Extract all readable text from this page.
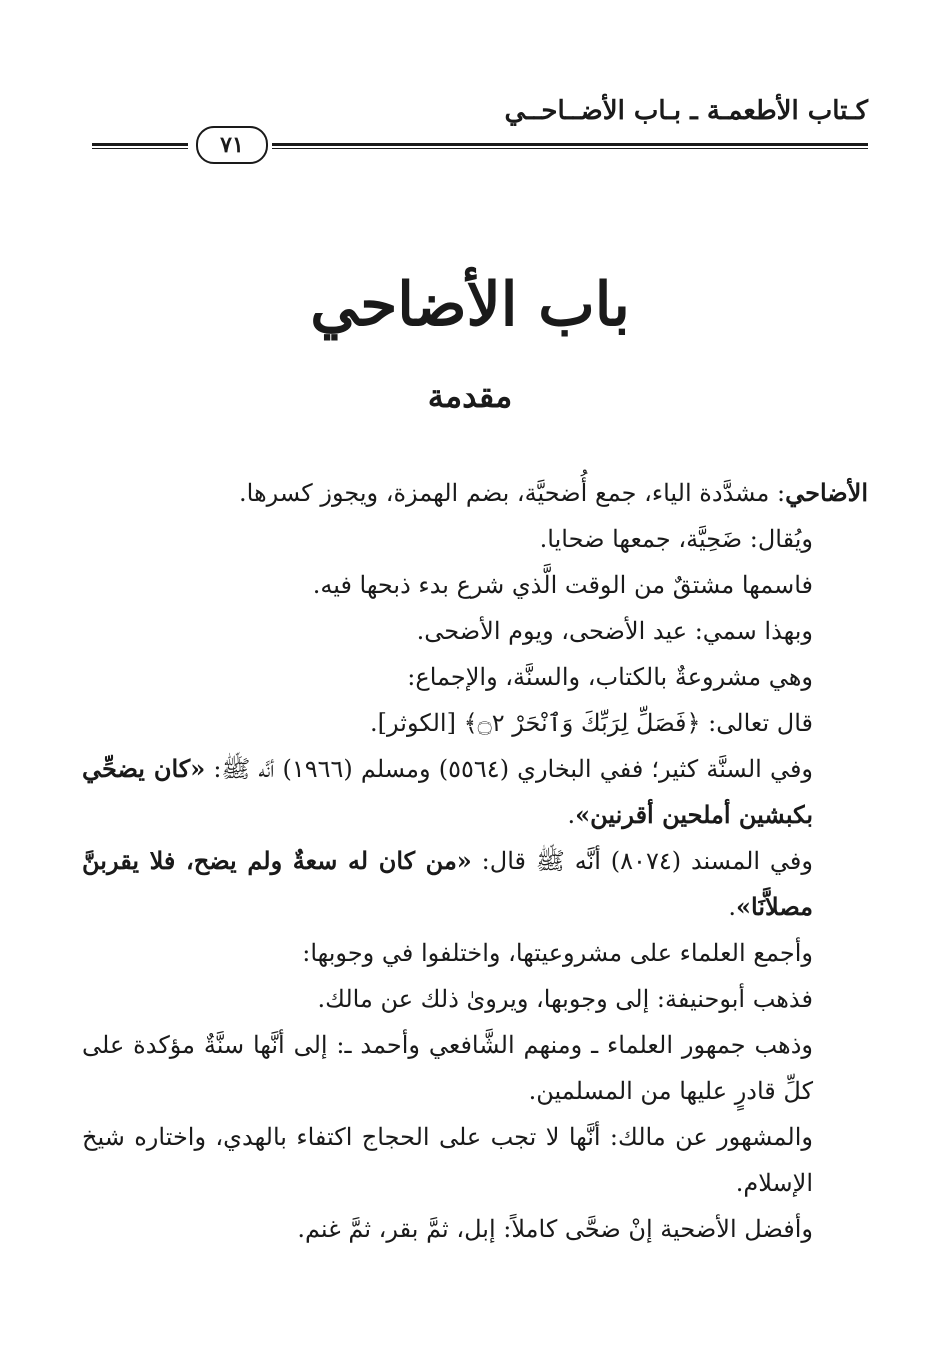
كـتاب الأطعمـة ـ بـاب الأضــاحــي
٧١
باب الأضاحي
مقدمة

الأضاحي: مشدَّدة الياء، جمع أُضحيَّة، بضم الهمزة، ويجوز كسرها.

ويُقال: ضَحِيَّة، جمعها ضحايا.

فاسمها مشتقٌ من الوقت الَّذي شرع بدء ذبحها فيه.

وبهذا سمي: عيد الأضحى، ويوم الأضحى.

وهي مشروعةٌ بالكتاب، والسنَّة، والإجماع:

قال تعالى: ﴿فَصَلِّ لِرَبِّكَ وَٱنْحَرْ ۝٢﴾ [الكوثر].

وفي السنَّة كثير؛ ففي البخاري (٥٥٦٤) ومسلم (١٩٦٦) أنَّه ﷺ: «كان يضحِّي بكبشين أملحين أقرنين».

وفي المسند (٨٠٧٤) أنَّه ﷺ قال: «من كان له سعةٌ ولم يضح، فلا يقربنَّ مصلاَّنَا».

وأجمع العلماء على مشروعيتها، واختلفوا في وجوبها:

فذهب أبوحنيفة: إلى وجوبها، ويروىٰ ذلك عن مالك.

وذهب جمهور العلماء ـ ومنهم الشَّافعي وأحمد ـ: إلى أنَّها سنَّةٌ مؤكدة على كلِّ قادرٍ عليها من المسلمين.

والمشهور عن مالك: أنَّها لا تجب على الحجاج اكتفاء بالهدي، واختاره شيخ الإسلام.

وأفضل الأضحية إنْ ضحَّى كاملاً: إبل، ثمَّ بقر، ثمَّ غنم.
